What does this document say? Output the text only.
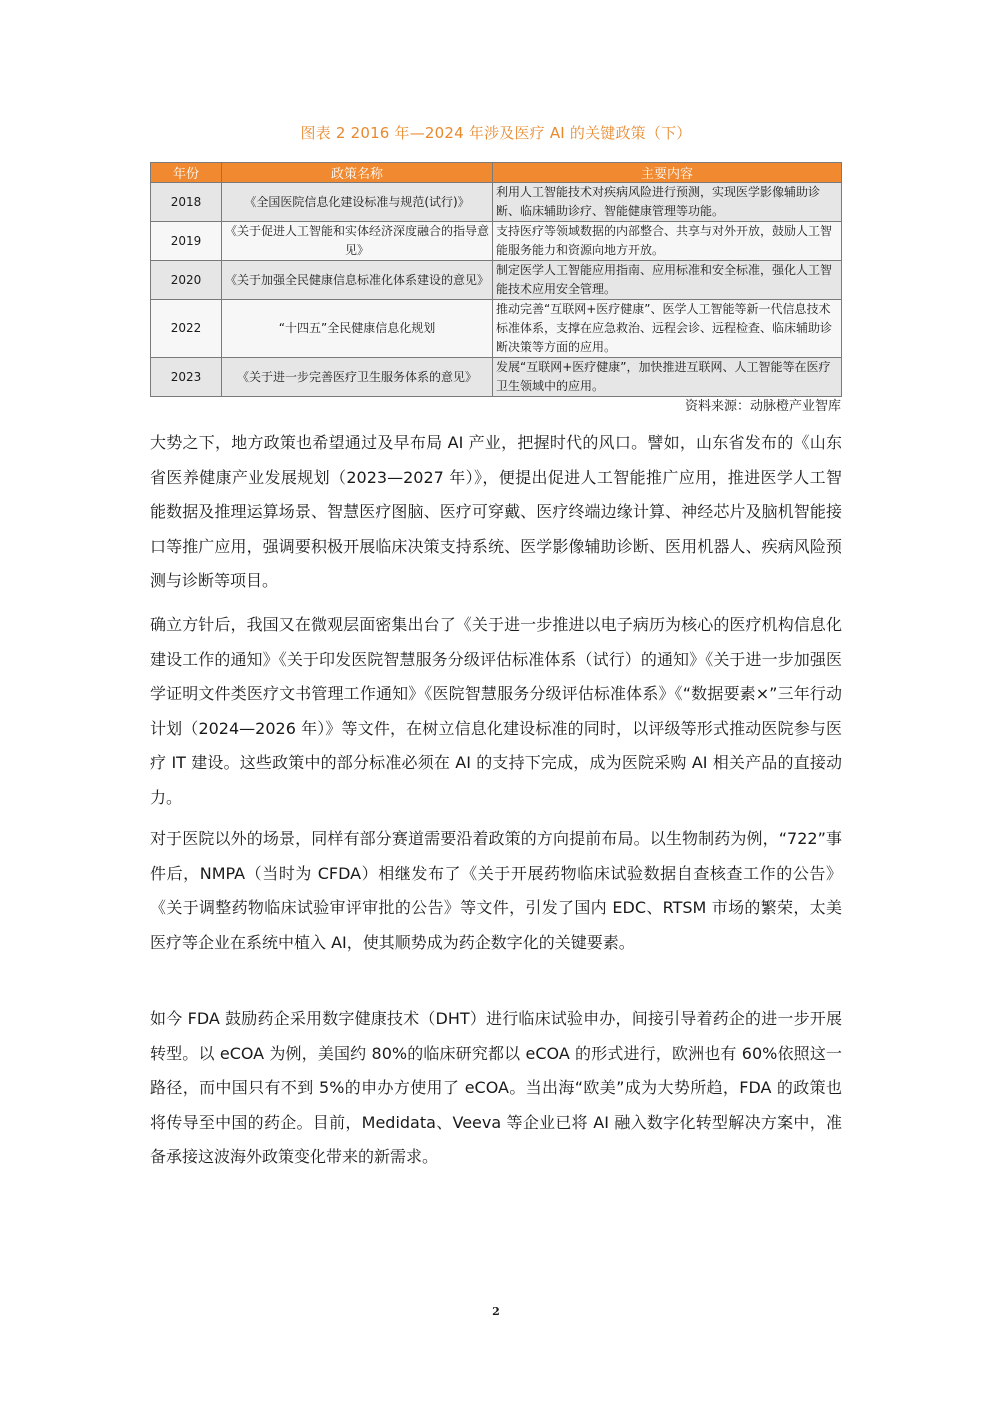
图表 2 2016 年—2024 年涉及医疗 AI 的关键政策（下）
年份	政策名称	主要内容
2018	《全国医院信息化建设标准与规范(试行)》	利用人工智能技术对疾病风险进行预测，实现医学影像辅助诊断、临床辅助诊疗、智能健康管理等功能。
2019	《关于促进人工智能和实体经济深度融合的指导意见》	支持医疗等领域数据的内部整合、共享与对外开放，鼓励人工智能服务能力和资源向地方开放。
2020	《关于加强全民健康信息标准化体系建设的意见》	制定医学人工智能应用指南、应用标准和安全标准，强化人工智能技术应用安全管理。
2022	“十四五”全民健康信息化规划	推动完善“互联网+医疗健康”、医学人工智能等新一代信息技术标准体系，支撑在应急救治、远程会诊、远程检查、临床辅助诊断决策等方面的应用。
2023	《关于进一步完善医疗卫生服务体系的意见》	发展“互联网+医疗健康”，加快推进互联网、人工智能等在医疗卫生领域中的应用。
资料来源：动脉橙产业智库

大势之下，地方政策也希望通过及早布局 AI 产业，把握时代的风口。譬如，山东省发布的《山东省医养健康产业发展规划（2023—2027 年）》，便提出促进人工智能推广应用，推进医学人工智能数据及推理运算场景、智慧医疗图脑、医疗可穿戴、医疗终端边缘计算、神经芯片及脑机智能接口等推广应用，强调要积极开展临床决策支持系统、医学影像辅助诊断、医用机器人、疾病风险预测与诊断等项目。

确立方针后，我国又在微观层面密集出台了《关于进一步推进以电子病历为核心的医疗机构信息化建设工作的通知》《关于印发医院智慧服务分级评估标准体系（试行）的通知》《关于进一步加强医学证明文件类医疗文书管理工作通知》《医院智慧服务分级评估标准体系》《“数据要素×”三年行动计划（2024—2026 年）》等文件，在树立信息化建设标准的同时，以评级等形式推动医院参与医疗 IT 建设。这些政策中的部分标准必须在 AI 的支持下完成，成为医院采购 AI 相关产品的直接动力。

对于医院以外的场景，同样有部分赛道需要沿着政策的方向提前布局。以生物制药为例，“722”事件后，NMPA（当时为 CFDA）相继发布了《关于开展药物临床试验数据自查核查工作的公告》《关于调整药物临床试验审评审批的公告》等文件，引发了国内 EDC、RTSM 市场的繁荣，太美医疗等企业在系统中植入 AI，使其顺势成为药企数字化的关键要素。

如今 FDA 鼓励药企采用数字健康技术（DHT）进行临床试验申办，间接引导着药企的进一步开展转型。以 eCOA 为例，美国约 80%的临床研究都以 eCOA 的形式进行，欧洲也有 60%依照这一路径，而中国只有不到 5%的申办方使用了 eCOA。当出海“欧美”成为大势所趋，FDA 的政策也将传导至中国的药企。目前，Medidata、Veeva 等企业已将 AI 融入数字化转型解决方案中，准备承接这波海外政策变化带来的新需求。

2
